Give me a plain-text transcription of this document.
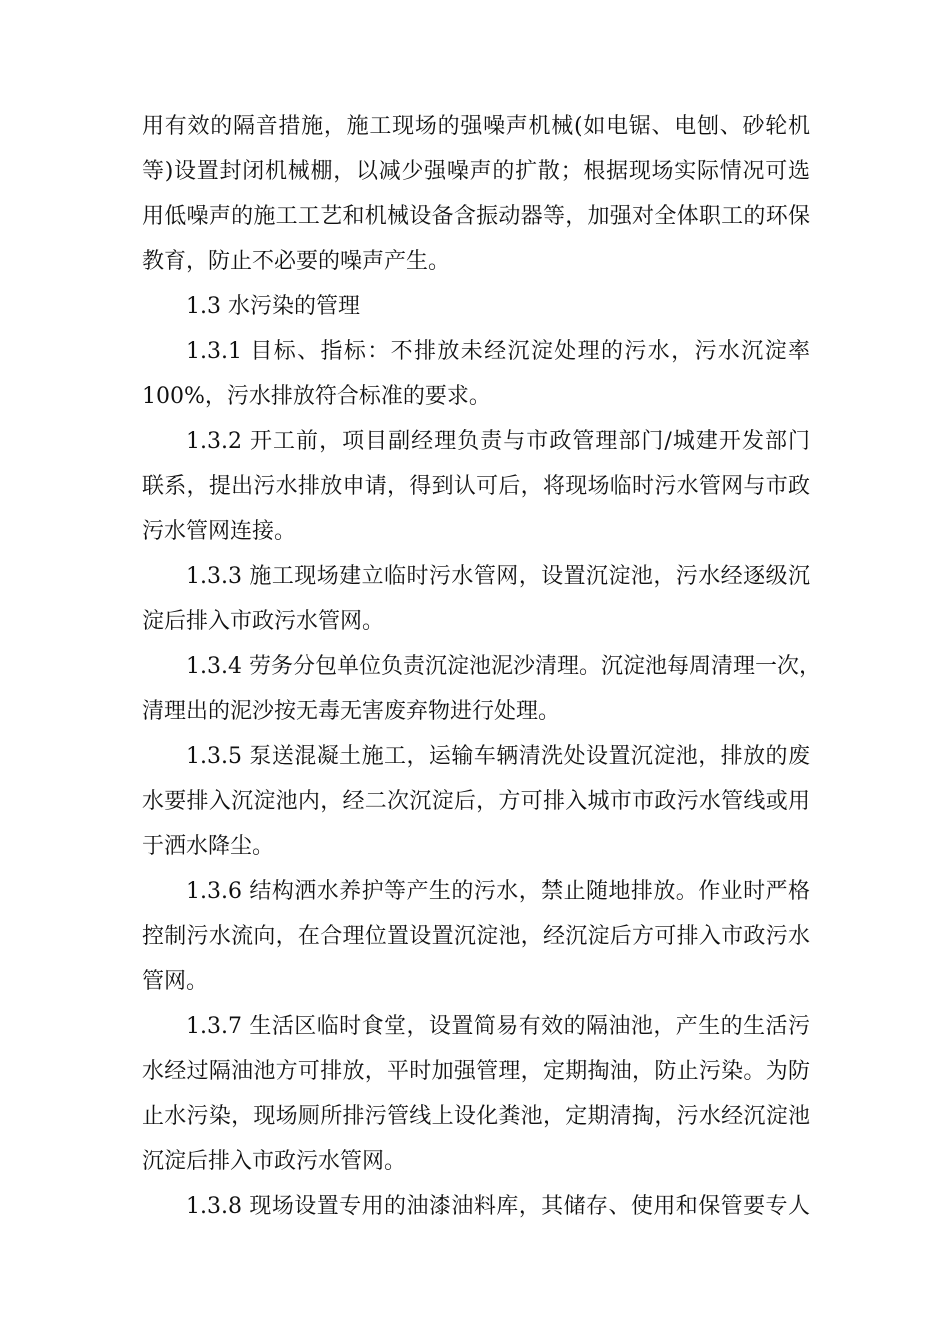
用有效的隔音措施，施工现场的强噪声机械(如电锯、电刨、砂轮机
等)设置封闭机械棚，以减少强噪声的扩散；根据现场实际情况可选
用低噪声的施工工艺和机械设备含振动器等，加强对全体职工的环保
教育，防止不必要的噪声产生。
1.3 水污染的管理
1.3.1 目标、指标：不排放未经沉淀处理的污水，污水沉淀率
100%，污水排放符合标准的要求。
1.3.2 开工前，项目副经理负责与市政管理部门/城建开发部门
联系，提出污水排放申请，得到认可后，将现场临时污水管网与市政
污水管网连接。
1.3.3 施工现场建立临时污水管网，设置沉淀池，污水经逐级沉
淀后排入市政污水管网。
1.3.4 劳务分包单位负责沉淀池泥沙清理。沉淀池每周清理一次，
清理出的泥沙按无毒无害废弃物进行处理。
1.3.5 泵送混凝土施工，运输车辆清洗处设置沉淀池，排放的废
水要排入沉淀池内，经二次沉淀后，方可排入城市市政污水管线或用
于洒水降尘。
1.3.6 结构洒水养护等产生的污水，禁止随地排放。作业时严格
控制污水流向，在合理位置设置沉淀池，经沉淀后方可排入市政污水
管网。
1.3.7 生活区临时食堂，设置简易有效的隔油池，产生的生活污
水经过隔油池方可排放，平时加强管理，定期掏油，防止污染。为防
止水污染，现场厕所排污管线上设化粪池，定期清掏，污水经沉淀池
沉淀后排入市政污水管网。
1.3.8 现场设置专用的油漆油料库，其储存、使用和保管要专人
